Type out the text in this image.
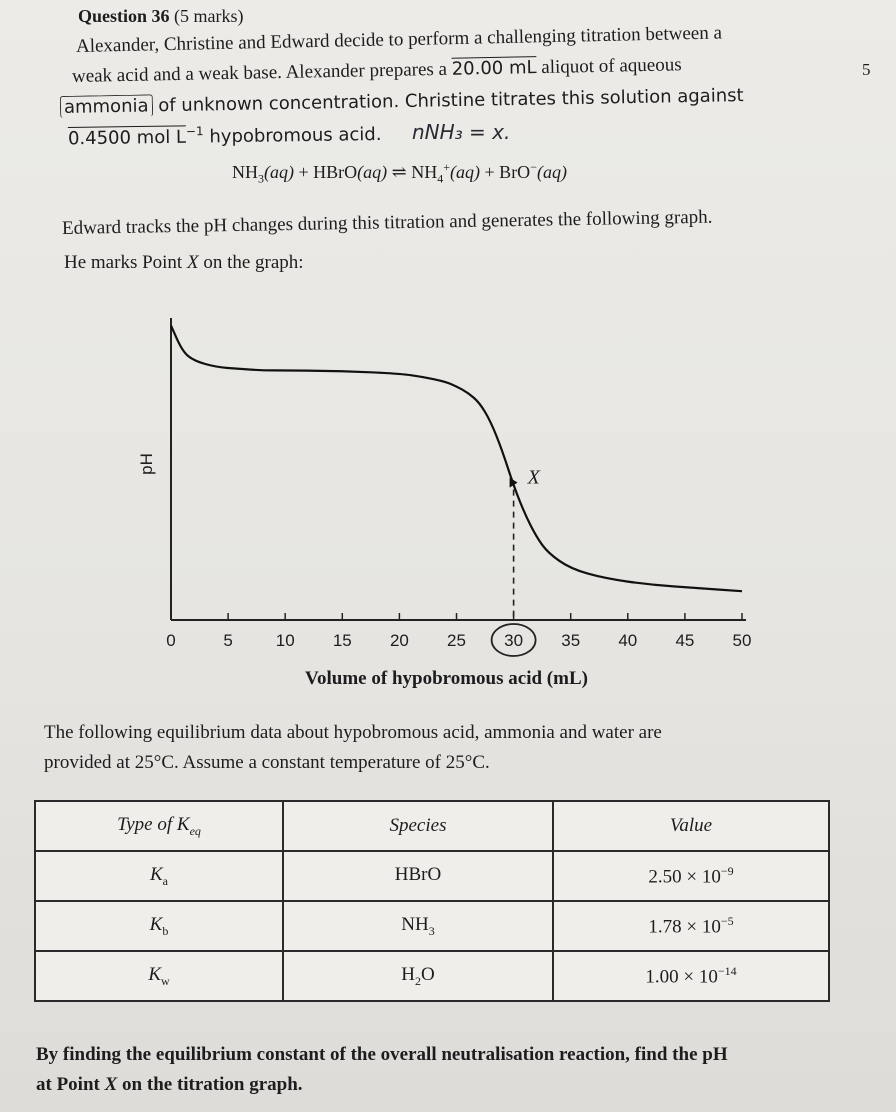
Question 36 (5 marks)
5
Alexander, Christine and Edward decide to perform a challenging titration between a
weak acid and a weak base. Alexander prepares a 20.00 mL aliquot of aqueous
ammonia of unknown concentration. Christine titrates this solution against
0.4500 mol $L^{-1}$ hypobromous acid. nNH₃ = x.
$NH_3(aq)$ + HBrO(aq) ⇌ $NH_4^+(aq) + BrO^-(aq)$
Edward tracks the pH changes during this titration and generates the following graph.
He marks Point X on the graph:
0	5	10 15 20 25 30 35 40 45 50
Volume of hypobromous acid (mL)
pH
X
The following equilibrium data about hypobromous acid, ammonia and water are
provided at 25°C. Assume a constant temperature of 25°C.
Type of $K_{eq}$	Species	Value
$K_a$	HBrO	$2.50 \times 10^{-9}$
$K_b$	$NH_3$	$1.78 \times 10^{-5}$
$K_w$	$H_2O$	$1.00 \times 10^{-14}$
By finding the equilibrium constant of the overall neutralisation reaction, find the pH
at Point X on the titration graph.
